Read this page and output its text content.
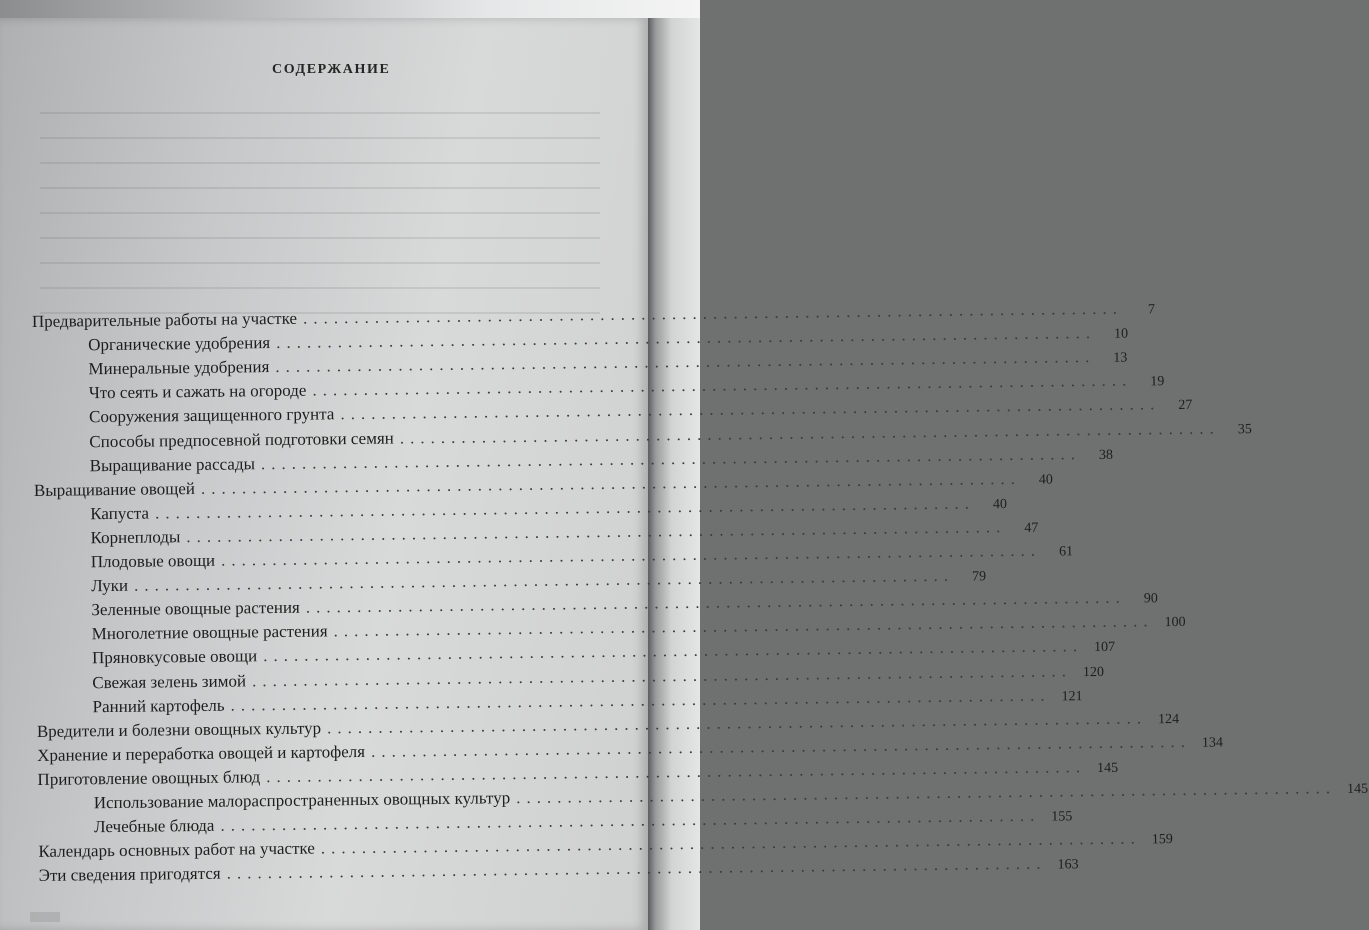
СОДЕРЖАНИЕ
Предварительные работы на участке ................................................................................	7
Органические удобрения ................................................................................	10
Минеральные удобрения ................................................................................	13
Что сеять и сажать на огороде ................................................................................	19
Сооружения защищенного грунта ................................................................................	27
Способы предпосевной подготовки семян ................................................................................	35
Выращивание рассады ................................................................................	38
Выращивание овощей ................................................................................	40
Капуста ................................................................................	40
Корнеплоды ................................................................................	47
Плодовые овощи ................................................................................	61
Луки ................................................................................	79
Зеленные овощные растения ................................................................................	90
Многолетние овощные растения ................................................................................ 100
Пряновкусовые овощи ................................................................................ 107
Свежая зелень зимой ................................................................................ 120
Ранний картофель ................................................................................ 121
Вредители и болезни овощных культур ................................................................................ 124
Хранение и переработка овощей и картофеля ................................................................................ 134
Приготовление овощных блюд ................................................................................ 145
Использование малораспространенных овощных культур ................................................................................ 145
Лечебные блюда ................................................................................ 155
Календарь основных работ на участке ................................................................................ 159
Эти сведения пригодятся ................................................................................ 163
